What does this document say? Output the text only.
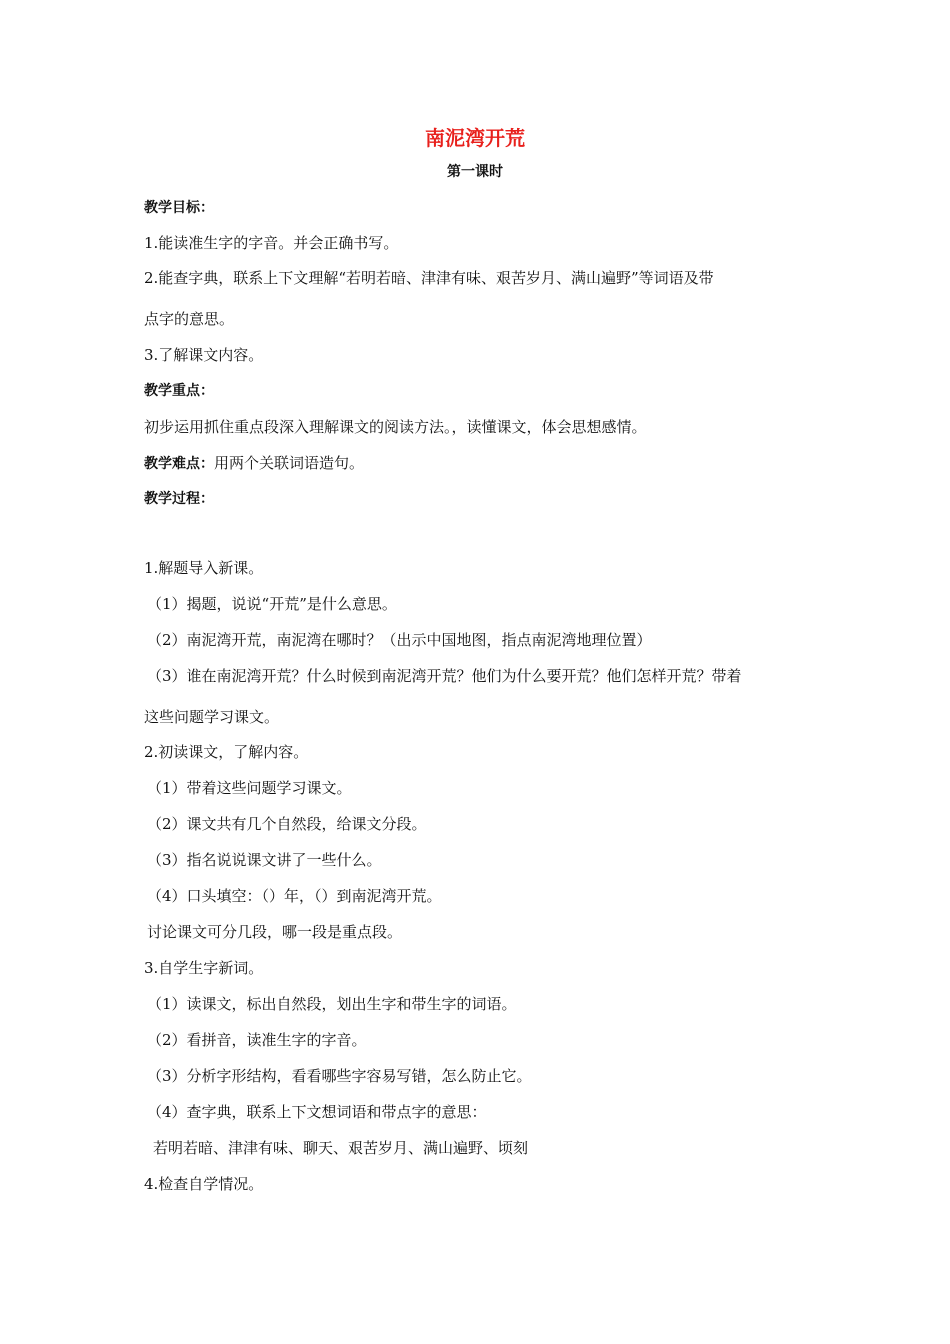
南泥湾开荒
第一课时

教学目标：

1.能读准生字的字音。并会正确书写。

2.能查字典，联系上下文理解“若明若暗、津津有味、艰苦岁月、满山遍野”等词语及带

点字的意思。

3.了解课文内容。

教学重点：

初步运用抓住重点段深入理解课文的阅读方法。，读懂课文，体会思想感情。

教学难点：用两个关联词语造句。

教学过程：

1.解题导入新课。

（1）揭题，说说“开荒”是什么意思。

（2）南泥湾开荒，南泥湾在哪时？（出示中国地图，指点南泥湾地理位置）

（3）谁在南泥湾开荒？什么时候到南泥湾开荒？他们为什么要开荒？他们怎样开荒？带着

这些问题学习课文。

2.初读课文，了解内容。

（1）带着这些问题学习课文。

（2）课文共有几个自然段，给课文分段。

（3）指名说说课文讲了一些什么。

（4）口头填空：（）年，（）到南泥湾开荒。

讨论课文可分几段，哪一段是重点段。

3.自学生字新词。

（1）读课文，标出自然段，划出生字和带生字的词语。

（2）看拼音，读准生字的字音。

（3）分析字形结构，看看哪些字容易写错，怎么防止它。

（4）查字典，联系上下文想词语和带点字的意思：

若明若暗、津津有味、聊天、艰苦岁月、满山遍野、顷刻

4.检查自学情况。
